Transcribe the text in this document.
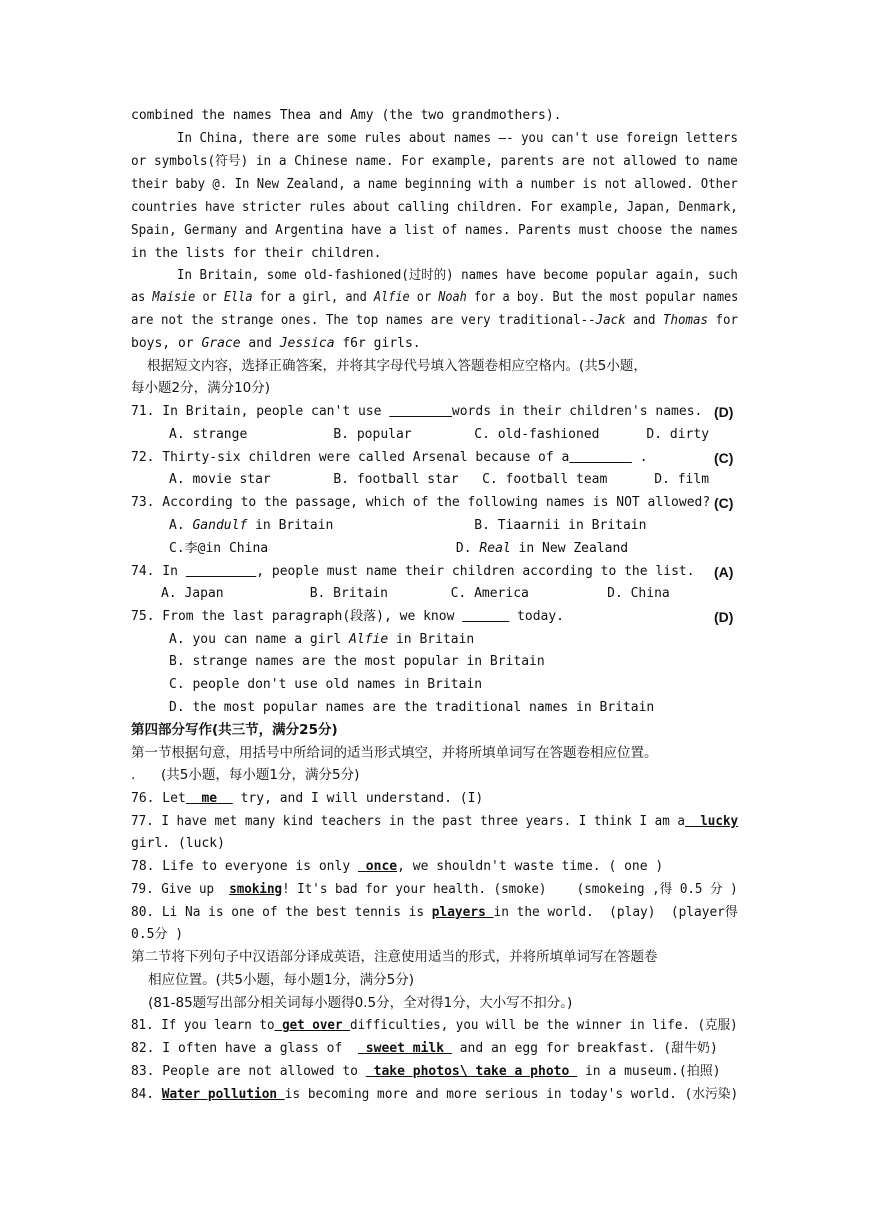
combined the names Thea and Amy (the two grandmothers).
In China, there are some rules about names —- you can't use foreign letters
or symbols(符号) in a Chinese name. For example, parents are not allowed to name
their baby @. In New Zealand, a name beginning with a number is not allowed. Other
countries have stricter rules about calling children. For example, Japan, Denmark,
Spain, Germany and Argentina have a list of names. Parents must choose the names
in the lists for their children.
In Britain, some old-fashioned(过时的) names have become popular again, such
as Maisie or Ella for a girl, and Alfie or Noah for a boy. But the most popular names
are not the strange ones. The top names are very traditional--Jack and Thomas for
boys, or Grace and Jessica f6r girls.
根据短文内容，选择正确答案，并将其字母代号填入答题卷相应空格内。(共5小题，
每小题2分，满分10分)
71. In Britain, people can't use	words in their children's names. (D)
A. strange           B. popular        C. old-fashioned      D. dirty
72. Thirty-six children were called Arsenal because of a	.	(C)
A. movie star        B. football star   C. football team      D. film
73. According to the passage, which of the following names is NOT allowed? (C)
A. Gandulf in Britain                  B. Tiaarnii in Britain
C.李@in China                        D. Real in New Zealand
74. In	, people must name their children according to the list. (A)
A. Japan           B. Britain        C. America          D. China
75. From the last paragraph(段落), we know	today.	(D)
A. you can name a girl Alfie in Britain
B. strange names are the most popular in Britain
C. people don't use old names in Britain
D. the most popular names are the traditional names in Britain
第四部分写作(共三节，满分25分)
第一节根据句意，用括号中所给词的适当形式填空，并将所填单词写在答题卷相应位置。
.      (共5小题，每小题1分，满分5分)
76. Let  me   try, and I will understand. (I)
77. I have met many kind teachers in the past three years. I think I am a  lucky
girl. (luck)
78. Life to everyone is only  once, we shouldn't waste time. ( one )
79. Give up  smoking! It's bad for your health. (smoke)    (smokeing ,得 0.5 分 )
80. Li Na is one of the best tennis is players in the world.  (play)  (player得
0.5分 )
第二节将下列句子中汉语部分译成英语，注意使用适当的形式，并将所填单词写在答题卷
相应位置。(共5小题，每小题1分，满分5分)
(81-85题写出部分相关词每小题得0.5分，全对得1分，大小写不扣分。)
81. If you learn to get over difficulties, you will be the winner in life. (克服)
82. I often have a glass of   sweet milk  and an egg for breakfast. (甜牛奶)
83. People are not allowed to  take photos\ take a photo  in a museum.(拍照)
84. Water pollution is becoming more and more serious in today's world. (水污染)
